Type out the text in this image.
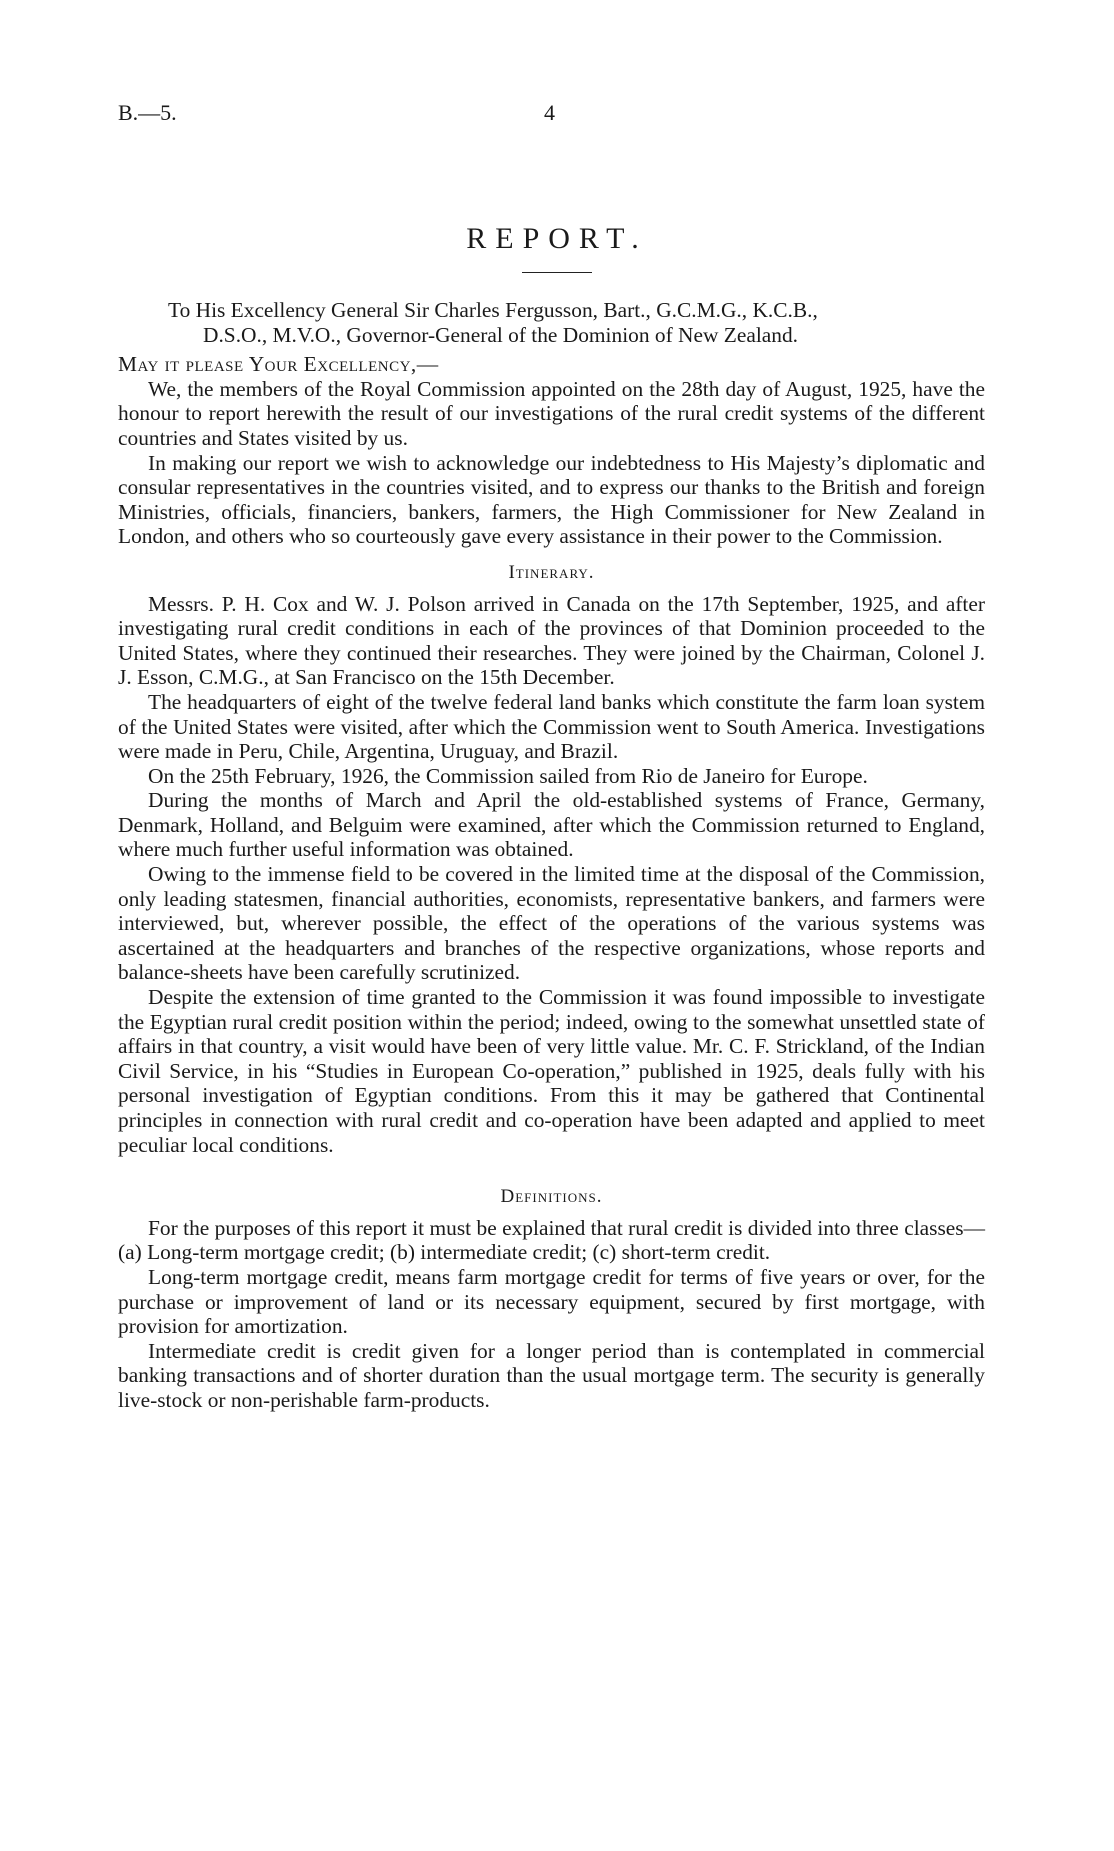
B.—5.	4
REPORT.
To His Excellency General Sir Charles Fergusson, Bart., G.C.M.G., K.C.B.,
D.S.O., M.V.O., Governor-General of the Dominion of New Zealand.
May it please Your Excellency,—

We, the members of the Royal Commission appointed on the 28th day of August, 1925, have the honour to report herewith the result of our investigations of the rural credit systems of the different countries and States visited by us.

In making our report we wish to acknowledge our indebtedness to His Majesty’s diplomatic and consular representatives in the countries visited, and to express our thanks to the British and foreign Ministries, officials, financiers, bankers, farmers, the High Commissioner for New Zealand in London, and others who so courteously gave every assistance in their power to the Commission.

Itinerary.

Messrs. P. H. Cox and W. J. Polson arrived in Canada on the 17th September, 1925, and after investigating rural credit conditions in each of the provinces of that Dominion proceeded to the United States, where they continued their researches. They were joined by the Chairman, Colonel J. J. Esson, C.M.G., at San Francisco on the 15th December.

The headquarters of eight of the twelve federal land banks which constitute the farm loan system of the United States were visited, after which the Commission went to South America. Investigations were made in Peru, Chile, Argentina, Uruguay, and Brazil.

On the 25th February, 1926, the Commission sailed from Rio de Janeiro for Europe.

During the months of March and April the old-established systems of France, Germany, Denmark, Holland, and Belguim were examined, after which the Commission returned to England, where much further useful information was obtained.

Owing to the immense field to be covered in the limited time at the disposal of the Commission, only leading statesmen, financial authorities, economists, representative bankers, and farmers were interviewed, but, wherever possible, the effect of the operations of the various systems was ascertained at the headquarters and branches of the respective organizations, whose reports and balance-sheets have been carefully scrutinized.

Despite the extension of time granted to the Commission it was found impossible to investigate the Egyptian rural credit position within the period; indeed, owing to the somewhat unsettled state of affairs in that country, a visit would have been of very little value. Mr. C. F. Strickland, of the Indian Civil Service, in his “Studies in European Co-operation,” published in 1925, deals fully with his personal investigation of Egyptian conditions. From this it may be gathered that Continental principles in connection with rural credit and co-operation have been adapted and applied to meet peculiar local conditions.

Definitions.

For the purposes of this report it must be explained that rural credit is divided into three classes—(a) Long-term mortgage credit; (b) intermediate credit; (c) short-term credit.

Long-term mortgage credit, means farm mortgage credit for terms of five years or over, for the purchase or improvement of land or its necessary equipment, secured by first mortgage, with provision for amortization.

Intermediate credit is credit given for a longer period than is contemplated in commercial banking transactions and of shorter duration than the usual mortgage term. The security is generally live-stock or non-perishable farm-products.
